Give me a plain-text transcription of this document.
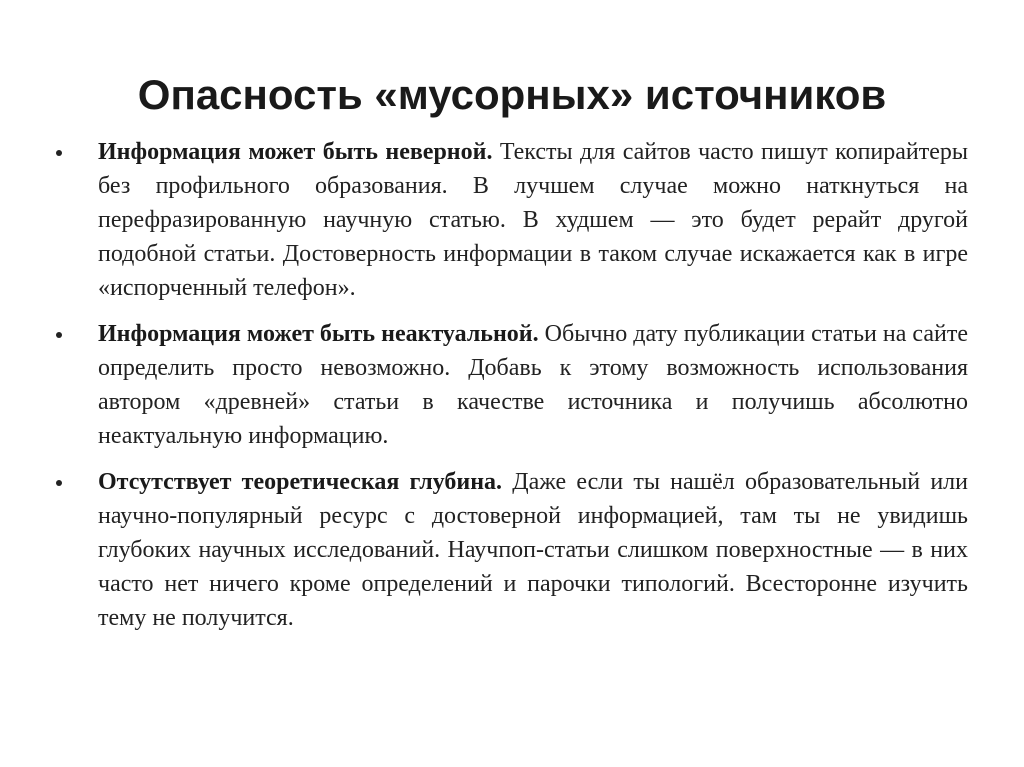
Опасность «мусорных» источников
Информация может быть неверной. Тексты для сайтов часто пишут копирайтеры без профильного образования. В лучшем случае можно наткнуться на перефразированную научную статью. В худшем — это будет рерайт другой подобной статьи. Достоверность информации в таком случае искажается как в игре «испорченный телефон».
Информация может быть неактуальной. Обычно дату публикации статьи на сайте определить просто невозможно. Добавь к этому возможность использования автором «древней» статьи в качестве источника и получишь абсолютно неактуальную информацию.
Отсутствует теоретическая глубина. Даже если ты нашёл образовательный или научно-популярный ресурс с достоверной информацией, там ты не увидишь глубоких научных исследований. Научпоп-статьи слишком поверхностные — в них часто нет ничего кроме определений и парочки типологий. Всесторонне изучить тему не получится.
